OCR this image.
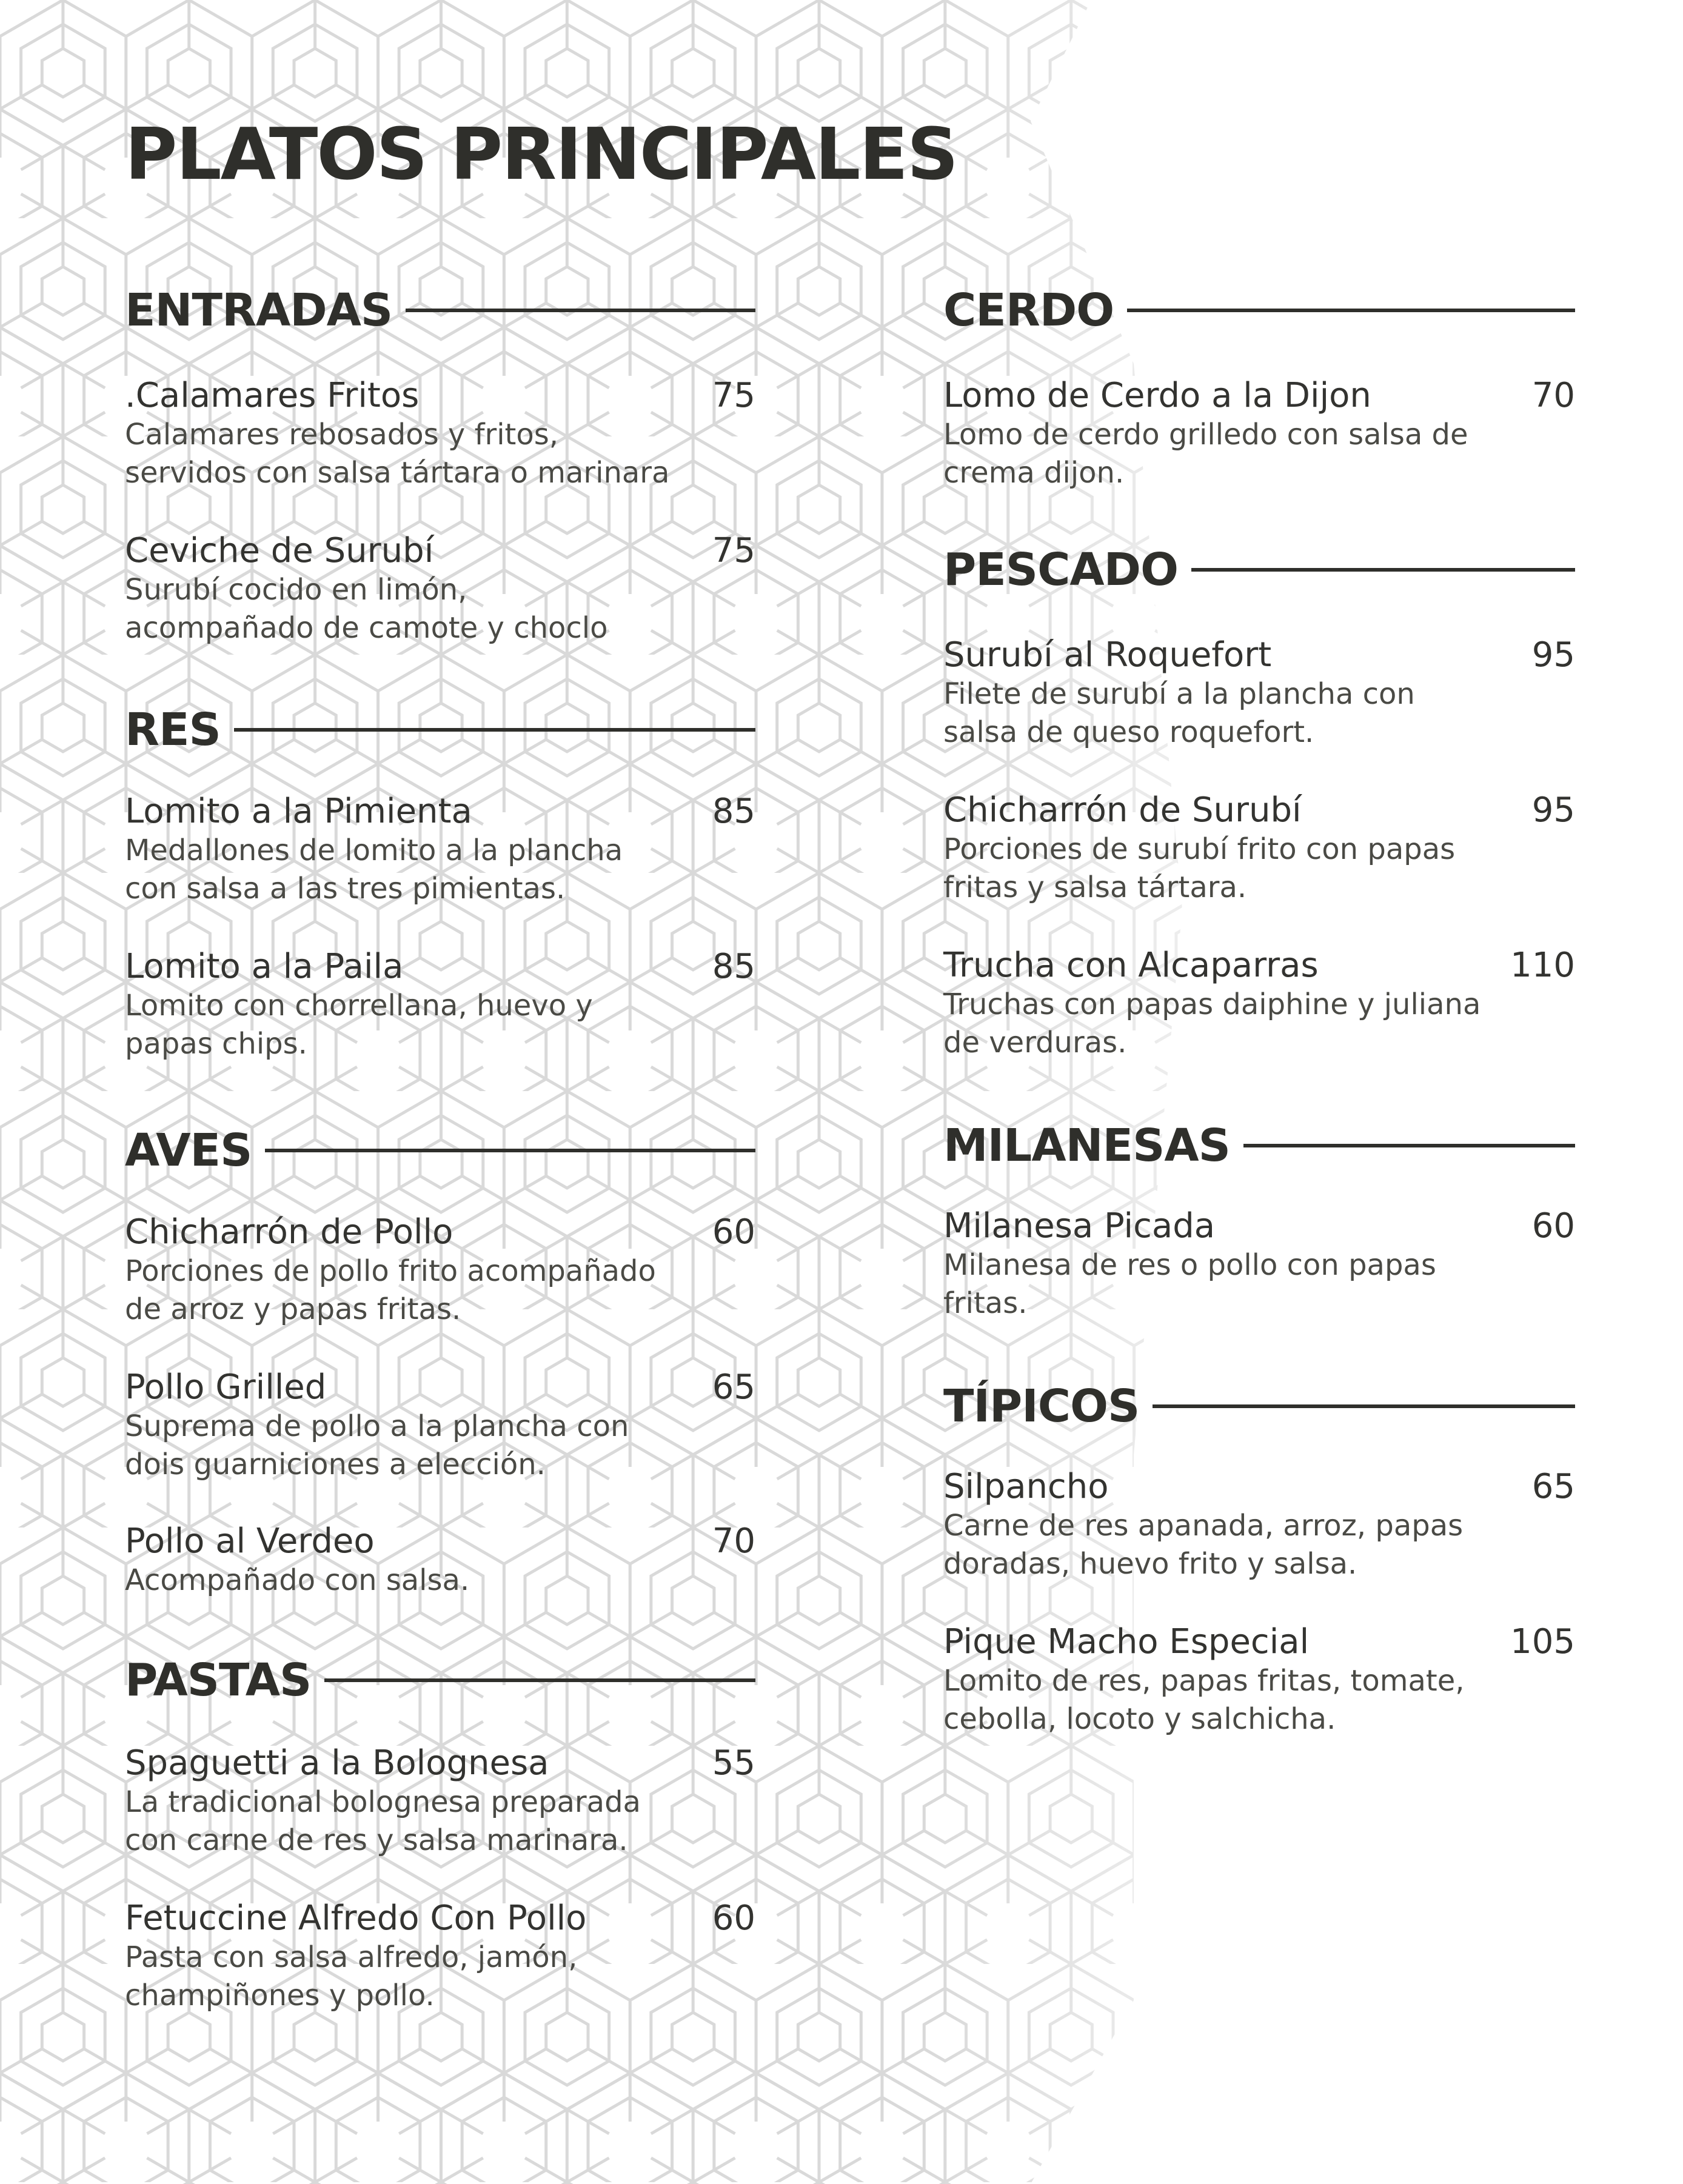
PLATOS PRINCIPALES
ENTRADAS
.Calamares Fritos	75
Calamares rebosados y fritos,
servidos con salsa tártara o marinara
Ceviche de Surubí	75
Surubí cocido en limón,
acompañado de camote y choclo
RES
Lomito a la Pimienta	85
Medallones de lomito a la plancha
con salsa a las tres pimientas.
Lomito a la Paila	85
Lomito con chorrellana, huevo y
papas chips.
AVES
Chicharrón de Pollo	60
Porciones de pollo frito acompañado
de arroz y papas fritas.
Pollo Grilled	65
Suprema de pollo a la plancha con
dois guarniciones a elección.
Pollo al Verdeo	70
Acompañado con salsa.
PASTAS
Spaguetti a la Bolognesa	55
La tradicional bolognesa preparada
con carne de res y salsa marinara.
Fetuccine Alfredo Con Pollo	60
Pasta con salsa alfredo, jamón,
champiñones y pollo.
CERDO
Lomo de Cerdo a la Dijon	70
Lomo de cerdo grilledo con salsa de
crema dijon.
PESCADO
Surubí al Roquefort	95
Filete de surubí a la plancha con
salsa de queso roquefort.
Chicharrón de Surubí	95
Porciones de surubí frito con papas
fritas y salsa tártara.
Trucha con Alcaparras	110
Truchas con papas daiphine y juliana
de verduras.
MILANESAS
Milanesa Picada	60
Milanesa de res o pollo con papas
fritas.
TÍPICOS
Silpancho	65
Carne de res apanada, arroz, papas
doradas, huevo frito y salsa.
Pique Macho Especial	105
Lomito de res, papas fritas, tomate,
cebolla, locoto y salchicha.
